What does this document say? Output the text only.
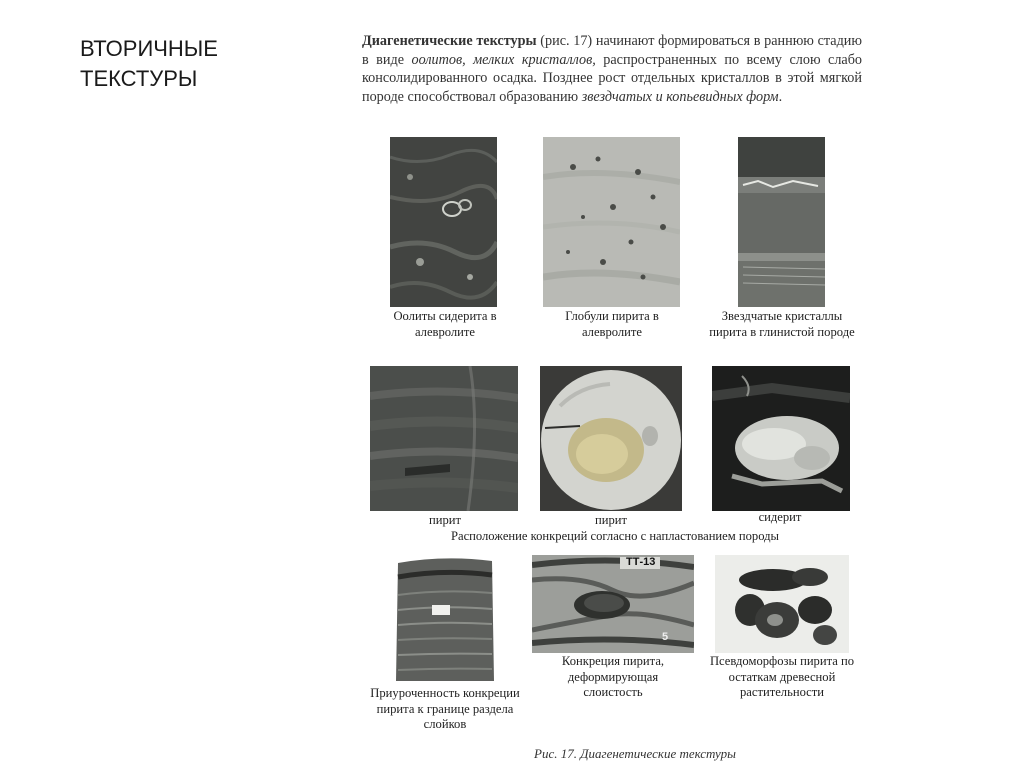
ВТОРИЧНЫЕ
ТЕКСТУРЫ
Диагенетические текстуры (рис. 17) начинают формироваться в раннюю стадию в виде оолитов, мелких кристаллов, распространенных по всему слою слабо консолидированного осадка. Позднее рост отдельных кристаллов в этой мягкой породе способствовал образованию звездчатых и копьевидных форм.
Оолиты сидерита в алевролите
Глобули пирита в алевролите
Звездчатые кристаллы пирита в глинистой породе
пирит	пирит	сидерит
Расположение конкреций согласно с напластованием породы
Приуроченность конкреции пирита к границе раздела слойков
ТТ-13
5
Конкреция пирита, деформирующая слоистость
Псевдоморфозы пирита по остаткам древесной растительности
Рис. 17. Диагенетические текстуры
